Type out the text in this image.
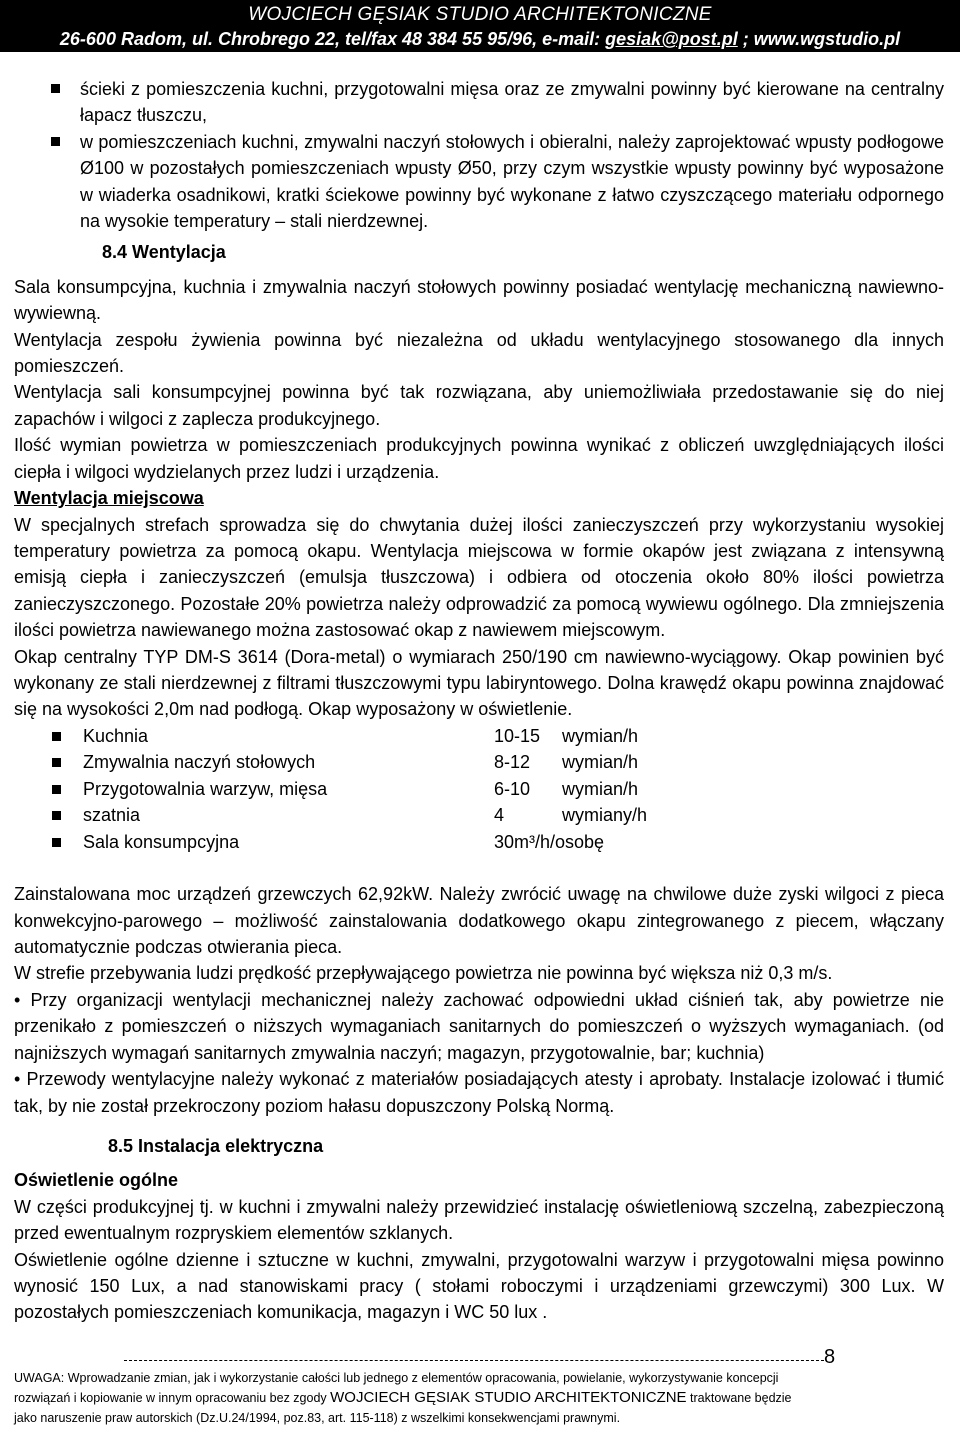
WOJCIECH GĘSIAK STUDIO ARCHITEKTONICZNE
26-600 Radom, ul. Chrobrego 22, tel/fax 48 384 55 95/96, e-mail: gesiak@post.pl ; www.wgstudio.pl
ścieki z pomieszczenia kuchni, przygotowalni mięsa oraz ze zmywalni powinny być kierowane na centralny łapacz tłuszczu,
w pomieszczeniach kuchni, zmywalni naczyń stołowych i obieralni, należy zaprojektować wpusty podłogowe Ø100 w pozostałych pomieszczeniach wpusty Ø50, przy czym wszystkie wpusty powinny być wyposażone w wiaderka osadnikowi, kratki ściekowe powinny być wykonane z łatwo czyszczącego materiału odpornego na wysokie temperatury – stali nierdzewnej.

8.4 Wentylacja

Sala konsumpcyjna, kuchnia i zmywalnia naczyń stołowych powinny posiadać wentylację mechaniczną nawiewno-wywiewną.

Wentylacja zespołu żywienia powinna być niezależna od układu wentylacyjnego stosowanego dla innych pomieszczeń.

Wentylacja sali konsumpcyjnej powinna być tak rozwiązana, aby uniemożliwiała przedostawanie się do niej zapachów i wilgoci z zaplecza produkcyjnego.

Ilość wymian powietrza w pomieszczeniach produkcyjnych powinna wynikać z obliczeń uwzględniających ilości ciepła i wilgoci wydzielanych przez ludzi i urządzenia.

Wentylacja miejscowa

W specjalnych strefach sprowadza się do chwytania dużej ilości zanieczyszczeń przy wykorzystaniu wysokiej temperatury powietrza za pomocą okapu. Wentylacja miejscowa w formie okapów jest związana z intensywną emisją ciepła i zanieczyszczeń (emulsja tłuszczowa) i odbiera od otoczenia około 80% ilości powietrza zanieczyszczonego. Pozostałe 20% powietrza należy odprowadzić za pomocą wywiewu ogólnego. Dla zmniejszenia ilości powietrza nawiewanego można zastosować okap z nawiewem miejscowym.

Okap centralny TYP DM-S 3614 (Dora-metal) o wymiarach 250/190 cm nawiewno-wyciągowy. Okap powinien być wykonany ze stali nierdzewnej z filtrami tłuszczowymi typu labiryntowego. Dolna krawędź okapu powinna znajdować się na wysokości 2,0m nad podłogą. Okap wyposażony w oświetlenie.

Kuchnia	10-15 wymian/h
Zmywalnia naczyń stołowych	8-12 wymian/h
Przygotowalnia warzyw, mięsa	6-10 wymian/h
szatnia	4	wymiany/h
Sala konsumpcyjna	30m³/h/osobę

Zainstalowana moc urządzeń grzewczych 62,92kW. Należy zwrócić uwagę na chwilowe duże zyski wilgoci z pieca konwekcyjno-parowego – możliwość zainstalowania dodatkowego okapu zintegrowanego z piecem, włączany automatycznie podczas otwierania pieca.

W strefie przebywania ludzi prędkość przepływającego powietrza nie powinna być większa niż 0,3 m/s.

• Przy organizacji wentylacji mechanicznej należy zachować odpowiedni układ ciśnień tak, aby powietrze nie przenikało z pomieszczeń o niższych wymaganiach sanitarnych do pomieszczeń o wyższych wymaganiach. (od najniższych wymagań sanitarnych zmywalnia naczyń; magazyn, przygotowalnie, bar; kuchnia)

• Przewody wentylacyjne należy wykonać z materiałów posiadających atesty i aprobaty. Instalacje izolować i tłumić tak, by nie został przekroczony poziom hałasu dopuszczony Polską Normą.

8.5 Instalacja elektryczna

Oświetlenie ogólne

W części produkcyjnej tj. w kuchni i zmywalni należy przewidzieć instalację oświetleniową szczelną, zabezpieczoną przed ewentualnym rozpryskiem elementów szklanych.

Oświetlenie ogólne dzienne i sztuczne w kuchni, zmywalni, przygotowalni warzyw i przygotowalni mięsa powinno wynosić 150 Lux, a nad stanowiskami pracy ( stołami roboczymi i urządzeniami grzewczymi) 300 Lux. W pozostałych pomieszczeniach komunikacja, magazyn i WC 50 lux .

8
UWAGA: Wprowadzanie zmian, jak i wykorzystanie całości lub jednego z elementów opracowania, powielanie, wykorzystywanie koncepcji
rozwiązań i kopiowanie w innym opracowaniu bez zgody WOJCIECH GĘSIAK STUDIO ARCHITEKTONICZNE traktowane będzie
jako naruszenie praw autorskich (Dz.U.24/1994, poz.83, art. 115-118) z wszelkimi konsekwencjami prawnymi.
